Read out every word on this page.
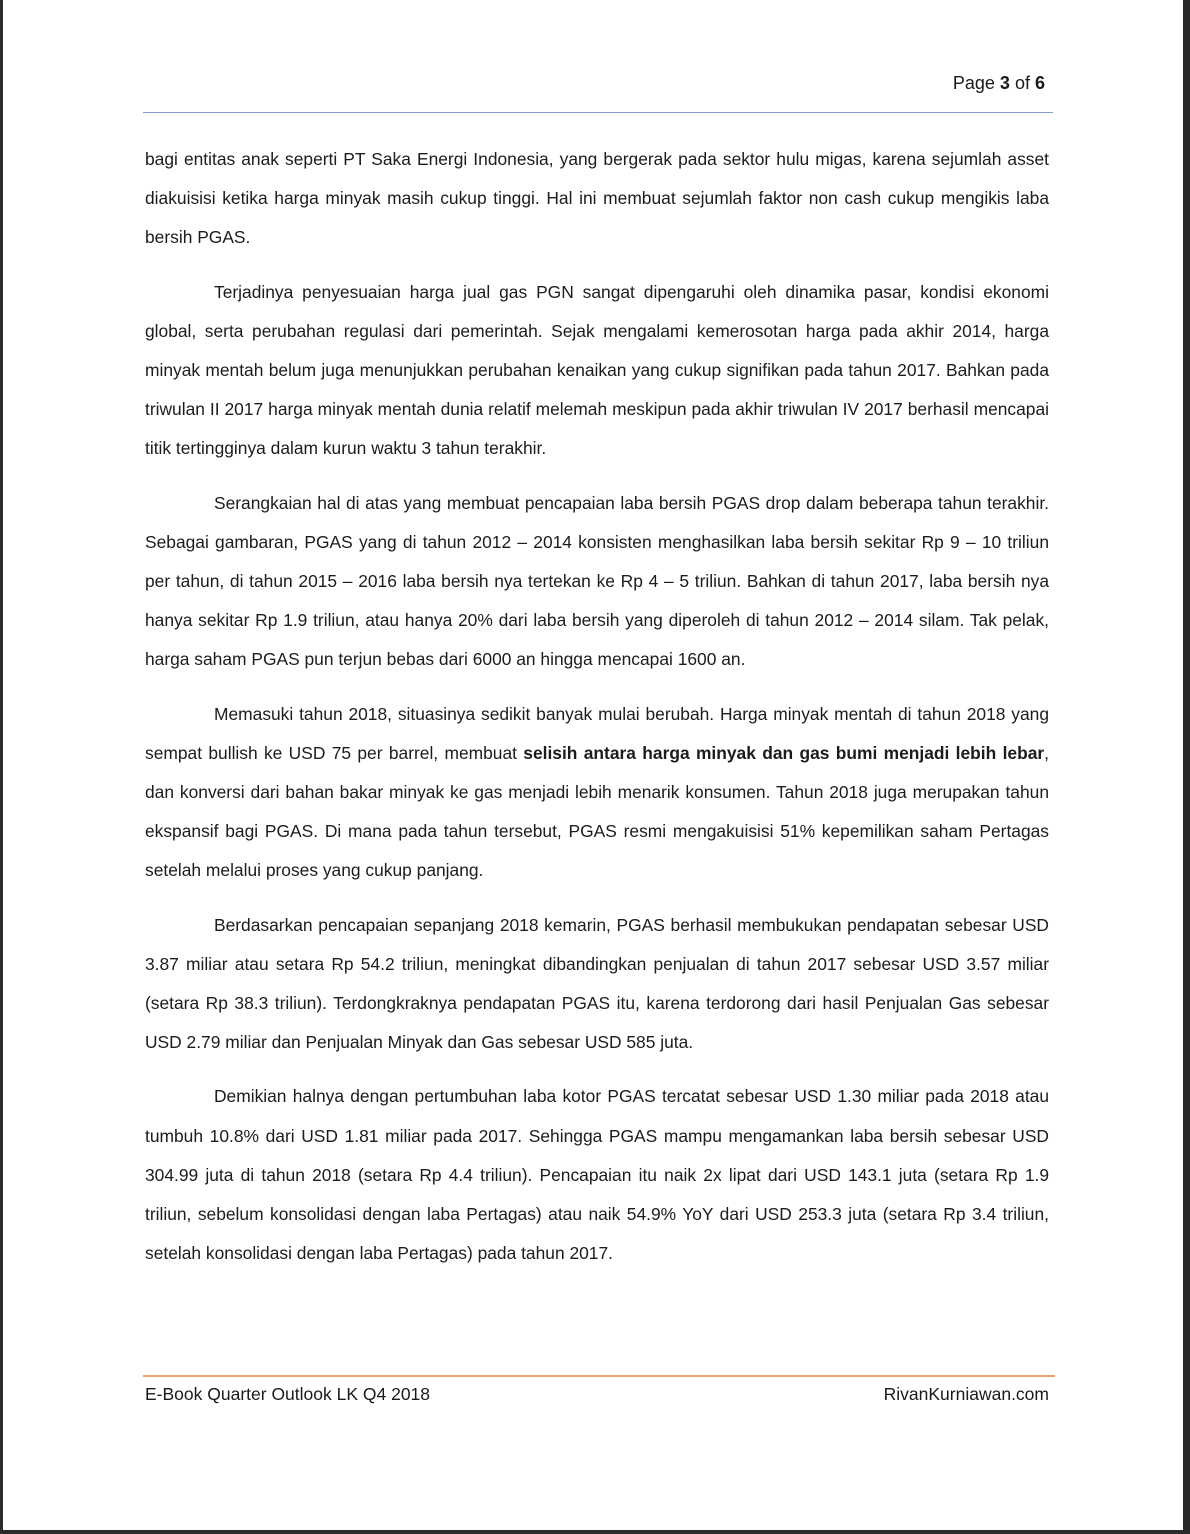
Page 3 of 6

bagi entitas anak seperti PT Saka Energi Indonesia, yang bergerak pada sektor hulu migas, karena sejumlah asset diakuisisi ketika harga minyak masih cukup tinggi. Hal ini membuat sejumlah faktor non cash cukup mengikis laba bersih PGAS.

Terjadinya penyesuaian harga jual gas PGN sangat dipengaruhi oleh dinamika pasar, kondisi ekonomi global, serta perubahan regulasi dari pemerintah. Sejak mengalami kemerosotan harga pada akhir 2014, harga minyak mentah belum juga menunjukkan perubahan kenaikan yang cukup signifikan pada tahun 2017. Bahkan pada triwulan II 2017 harga minyak mentah dunia relatif melemah meskipun pada akhir triwulan IV 2017 berhasil mencapai titik tertingginya dalam kurun waktu 3 tahun terakhir.

Serangkaian hal di atas yang membuat pencapaian laba bersih PGAS drop dalam beberapa tahun terakhir. Sebagai gambaran, PGAS yang di tahun 2012 – 2014 konsisten menghasilkan laba bersih sekitar Rp 9 – 10 triliun per tahun, di tahun 2015 – 2016 laba bersih nya tertekan ke Rp 4 – 5 triliun. Bahkan di tahun 2017, laba bersih nya hanya sekitar Rp 1.9 triliun, atau hanya 20% dari laba bersih yang diperoleh di tahun 2012 – 2014 silam. Tak pelak, harga saham PGAS pun terjun bebas dari 6000 an hingga mencapai 1600 an.

Memasuki tahun 2018, situasinya sedikit banyak mulai berubah. Harga minyak mentah di tahun 2018 yang sempat bullish ke USD 75 per barrel, membuat selisih antara harga minyak dan gas bumi menjadi lebih lebar, dan konversi dari bahan bakar minyak ke gas menjadi lebih menarik konsumen. Tahun 2018 juga merupakan tahun ekspansif bagi PGAS. Di mana pada tahun tersebut, PGAS resmi mengakuisisi 51% kepemilikan saham Pertagas setelah melalui proses yang cukup panjang.

Berdasarkan pencapaian sepanjang 2018 kemarin, PGAS berhasil membukukan pendapatan sebesar USD 3.87 miliar atau setara Rp 54.2 triliun, meningkat dibandingkan penjualan di tahun 2017 sebesar USD 3.57 miliar (setara Rp 38.3 triliun). Terdongkraknya pendapatan PGAS itu, karena terdorong dari hasil Penjualan Gas sebesar USD 2.79 miliar dan Penjualan Minyak dan Gas sebesar USD 585 juta.

Demikian halnya dengan pertumbuhan laba kotor PGAS tercatat sebesar USD 1.30 miliar pada 2018 atau tumbuh 10.8% dari USD 1.81 miliar pada 2017. Sehingga PGAS mampu mengamankan laba bersih sebesar USD 304.99 juta di tahun 2018 (setara Rp 4.4 triliun). Pencapaian itu naik 2x lipat dari USD 143.1 juta (setara Rp 1.9 triliun, sebelum konsolidasi dengan laba Pertagas) atau naik 54.9% YoY dari USD 253.3 juta (setara Rp 3.4 triliun, setelah konsolidasi dengan laba Pertagas) pada tahun 2017.

E-Book Quarter Outlook LK Q4 2018	RivanKurniawan.com
